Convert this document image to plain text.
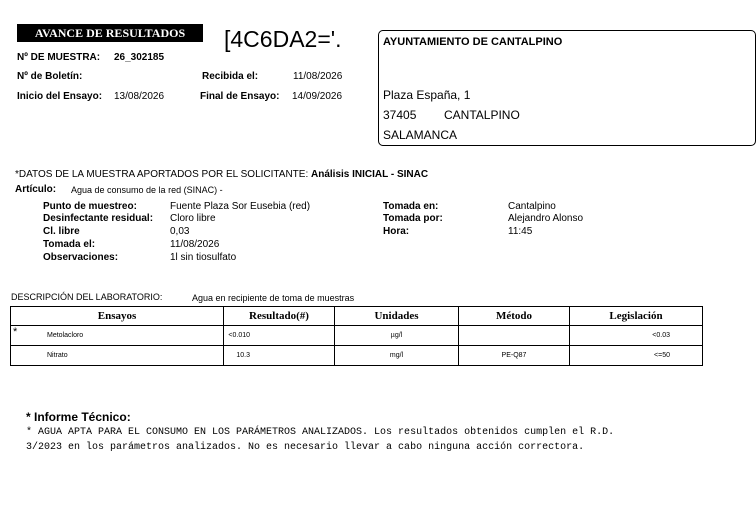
AVANCE DE RESULTADOS	[4C6DA2='.
Nº DE MUESTRA: 26_302185
Nº de Boletín:	Recibida el:	11/08/2026
Inicio del Ensayo: 13/08/2026	Final de Ensayo: 14/09/2026
AYUNTAMIENTO DE CANTALPINO
Plaza España, 1
37405 CANTALPINO
SALAMANCA
*DATOS DE LA MUESTRA APORTADOS POR EL SOLICITANTE: Análisis INICIAL - SINAC
Artículo: Agua de consumo de la red (SINAC) -
Punto de muestreo:	Fuente Plaza Sor Eusebia (red)
Desinfectante residual: Cloro libre
Cl. libre	0,03
Tomada el:	11/08/2026
Observaciones:	1l sin tiosulfato
Tomada en:	Cantalpino
Tomada por:	Alejandro Alonso
Hora:	11:45
DESCRIPCIÓN DEL LABORATORIO:	Agua en recipiente de toma de muestras
Ensayos	Resultado(#)	Unidades	Método	Legislación

* Metolacloro	<0.010	µg/l		<0.03

Nitrato	10.3	mg/l	PE-Q87	<=50
* Informe Técnico:
* AGUA APTA PARA EL CONSUMO EN LOS PARÁMETROS ANALIZADOS. Los resultados obtenidos cumplen el R.D.
3/2023 en los parámetros analizados. No es necesario llevar a cabo ninguna acción correctora.
